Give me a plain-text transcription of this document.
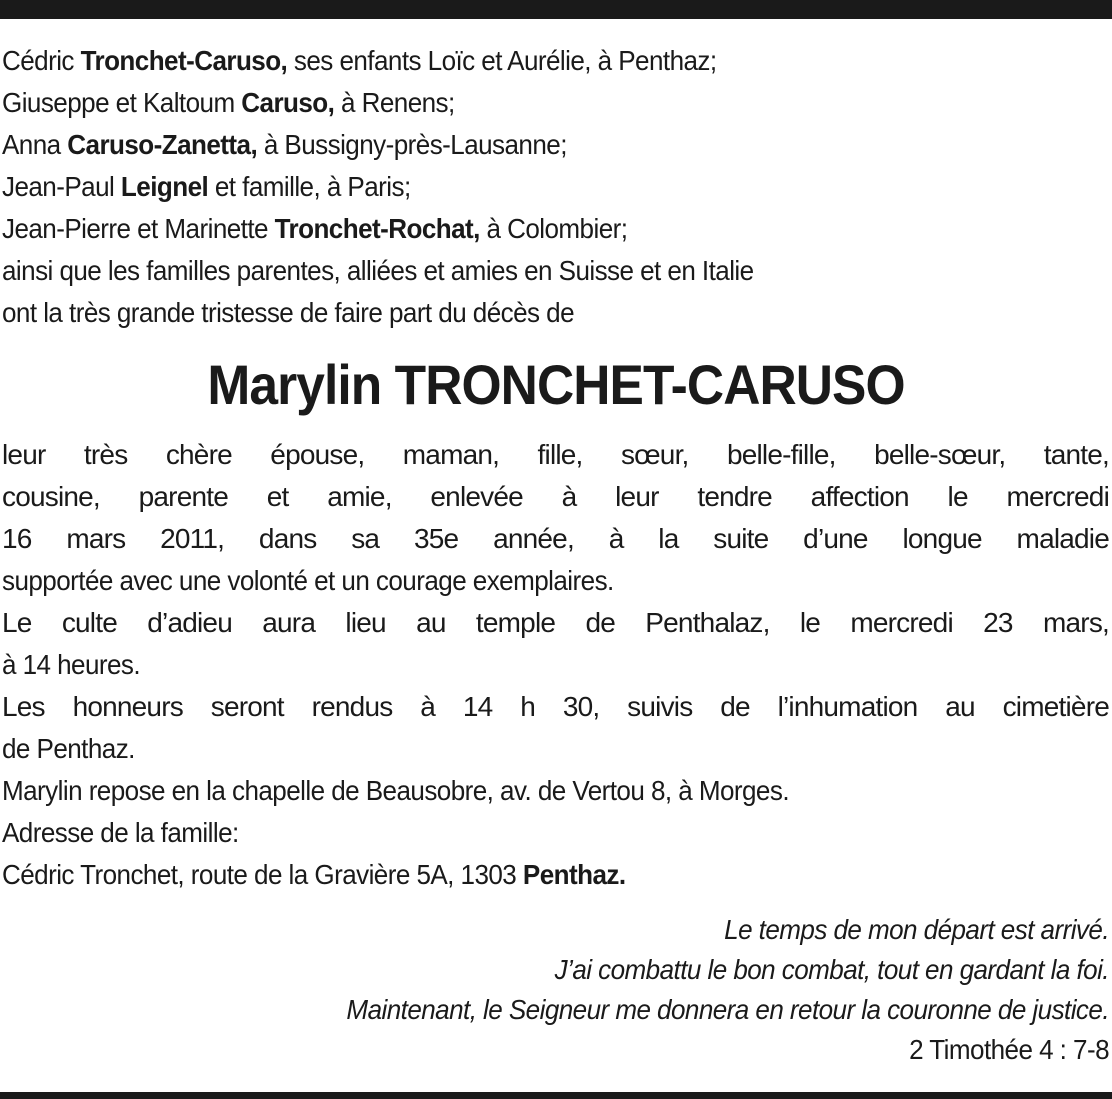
Cédric Tronchet-Caruso, ses enfants Loïc et Aurélie, à Penthaz;
Giuseppe et Kaltoum Caruso, à Renens;
Anna Caruso-Zanetta, à Bussigny-près-Lausanne;
Jean-Paul Leignel et famille, à Paris;
Jean-Pierre et Marinette Tronchet-Rochat, à Colombier;
ainsi que les familles parentes, alliées et amies en Suisse et en Italie
ont la très grande tristesse de faire part du décès de
Marylin TRONCHET-CARUSO
leur très chère épouse, maman, fille, sœur, belle-fille, belle-sœur, tante,
cousine, parente et amie, enlevée à leur tendre affection le mercredi
16 mars 2011, dans sa 35e année, à la suite d’une longue maladie
supportée avec une volonté et un courage exemplaires.
Le culte d’adieu aura lieu au temple de Penthalaz, le mercredi 23 mars,
à 14 heures.
Les honneurs seront rendus à 14 h 30, suivis de l’inhumation au cimetière
de Penthaz.
Marylin repose en la chapelle de Beausobre, av. de Vertou 8, à Morges.
Adresse de la famille:
Cédric Tronchet, route de la Gravière 5A, 1303 Penthaz.
Le temps de mon départ est arrivé.
J’ai combattu le bon combat, tout en gardant la foi.
Maintenant, le Seigneur me donnera en retour la couronne de justice.
2 Timothée 4 : 7-8
